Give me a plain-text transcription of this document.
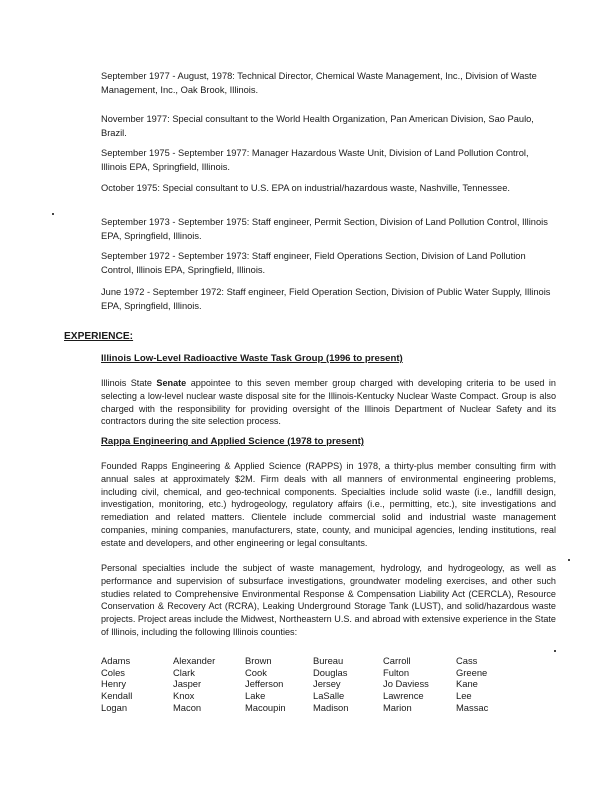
September 1977 - August, 1978: Technical Director, Chemical Waste Management, Inc., Division of Waste Management, Inc., Oak Brook, Illinois.
November 1977: Special consultant to the World Health Organization, Pan American Division, Sao Paulo, Brazil.
September 1975 - September 1977: Manager Hazardous Waste Unit, Division of Land Pollution Control, Illinois EPA, Springfield, Illinois.
October 1975: Special consultant to U.S. EPA on industrial/hazardous waste, Nashville, Tennessee.
September 1973 - September 1975: Staff engineer, Permit Section, Division of Land Pollution Control, Illinois EPA, Springfield, Illinois.
September 1972 - September 1973: Staff engineer, Field Operations Section, Division of Land Pollution Control, Illinois EPA, Springfield, Illinois.
June 1972 - September 1972: Staff engineer, Field Operation Section, Division of Public Water Supply, Illinois EPA, Springfield, Illinois.
EXPERIENCE:
Illinois Low-Level Radioactive Waste Task Group (1996 to present)
Illinois State Senate appointee to this seven member group charged with developing criteria to be used in selecting a low-level nuclear waste disposal site for the Illinois-Kentucky Nuclear Waste Compact. Group is also charged with the responsibility for providing oversight of the Illinois Department of Nuclear Safety and its contractors during the site selection process.
Rappa Engineering and Applied Science (1978 to present)
Founded Rapps Engineering & Applied Science (RAPPS) in 1978, a thirty-plus member consulting firm with annual sales at approximately $2M. Firm deals with all manners of environmental engineering problems, including civil, chemical, and geo-technical components. Specialties include solid waste (i.e., landfill design, investigation, monitoring, etc.) hydrogeology, regulatory affairs (i.e., permitting, etc.), site investigations and remediation and related matters. Clientele include commercial solid and industrial waste management companies, mining companies, manufacturers, state, county, and municipal agencies, lending institutions, real estate and developers, and other engineering or legal consultants.
Personal specialties include the subject of waste management, hydrology, and hydrogeology, as well as performance and supervision of subsurface investigations, groundwater modeling exercises, and other such studies related to Comprehensive Environmental Response & Compensation Liability Act (CERCLA), Resource Conservation & Recovery Act (RCRA), Leaking Underground Storage Tank (LUST), and solid/hazardous waste projects. Project areas include the Midwest, Northeastern U.S. and abroad with extensive experience in the State of Illinois, including the following Illinois counties:
Adams	Alexander	Brown	Bureau	Carroll	Cass
Coles	Clark	Cook	Douglas	Fulton	Greene
Henry	Jasper	Jefferson	Jersey	Jo Daviess	Kane
Kendall	Knox	Lake	LaSalle	Lawrence	Lee
Logan	Macon	Macoupin	Madison	Marion	Massac
